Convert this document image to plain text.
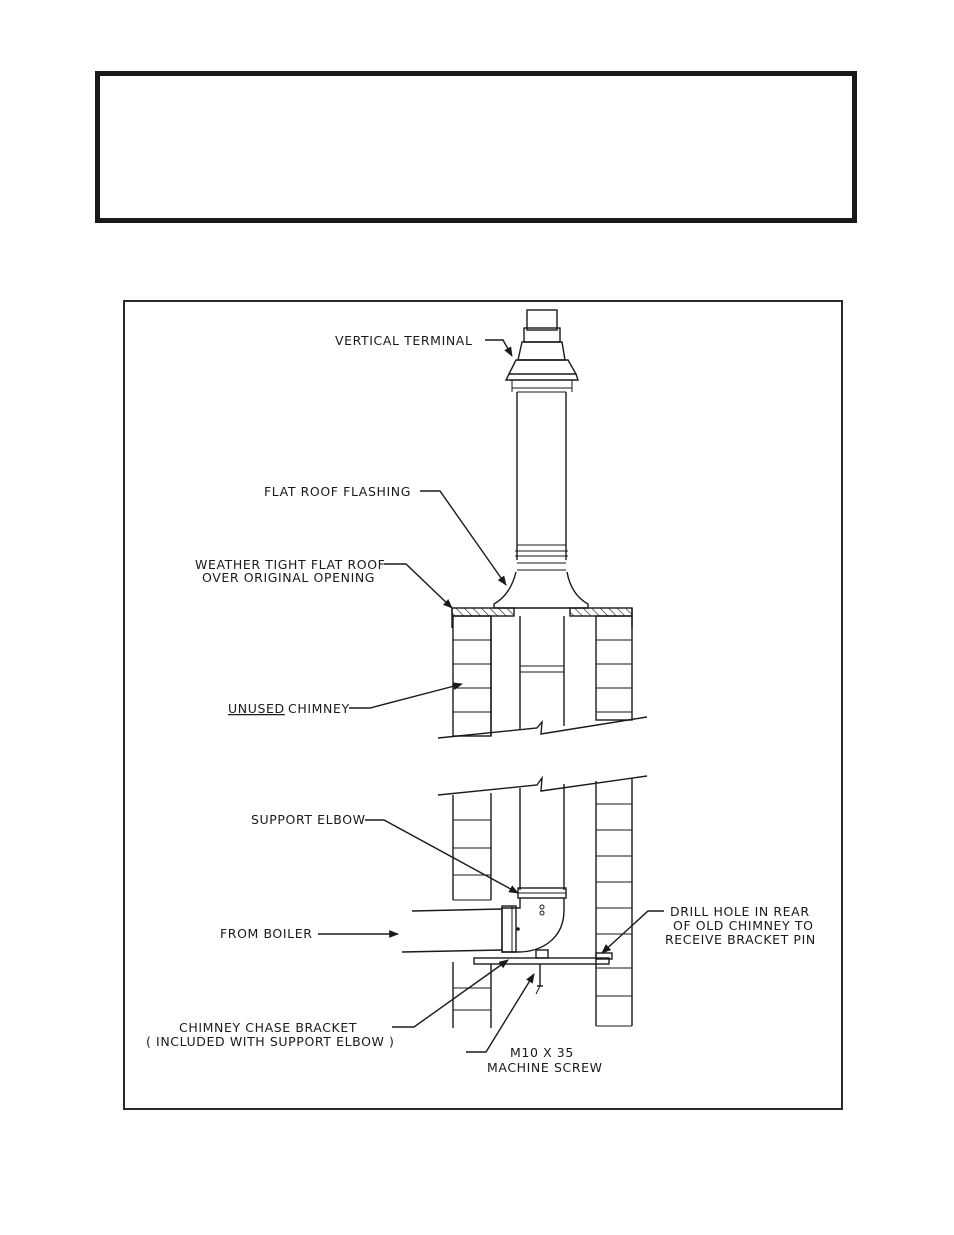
VERTICAL TERMINAL
FLAT ROOF FLASHING
WEATHER TIGHT FLAT ROOF
OVER ORIGINAL OPENING
UNUSED CHIMNEY
SUPPORT ELBOW
FROM BOILER
DRILL HOLE IN REAR
OF OLD CHIMNEY TO
RECEIVE BRACKET PIN
CHIMNEY CHASE BRACKET
( INCLUDED WITH SUPPORT ELBOW )
M10 X 35
MACHINE SCREW
